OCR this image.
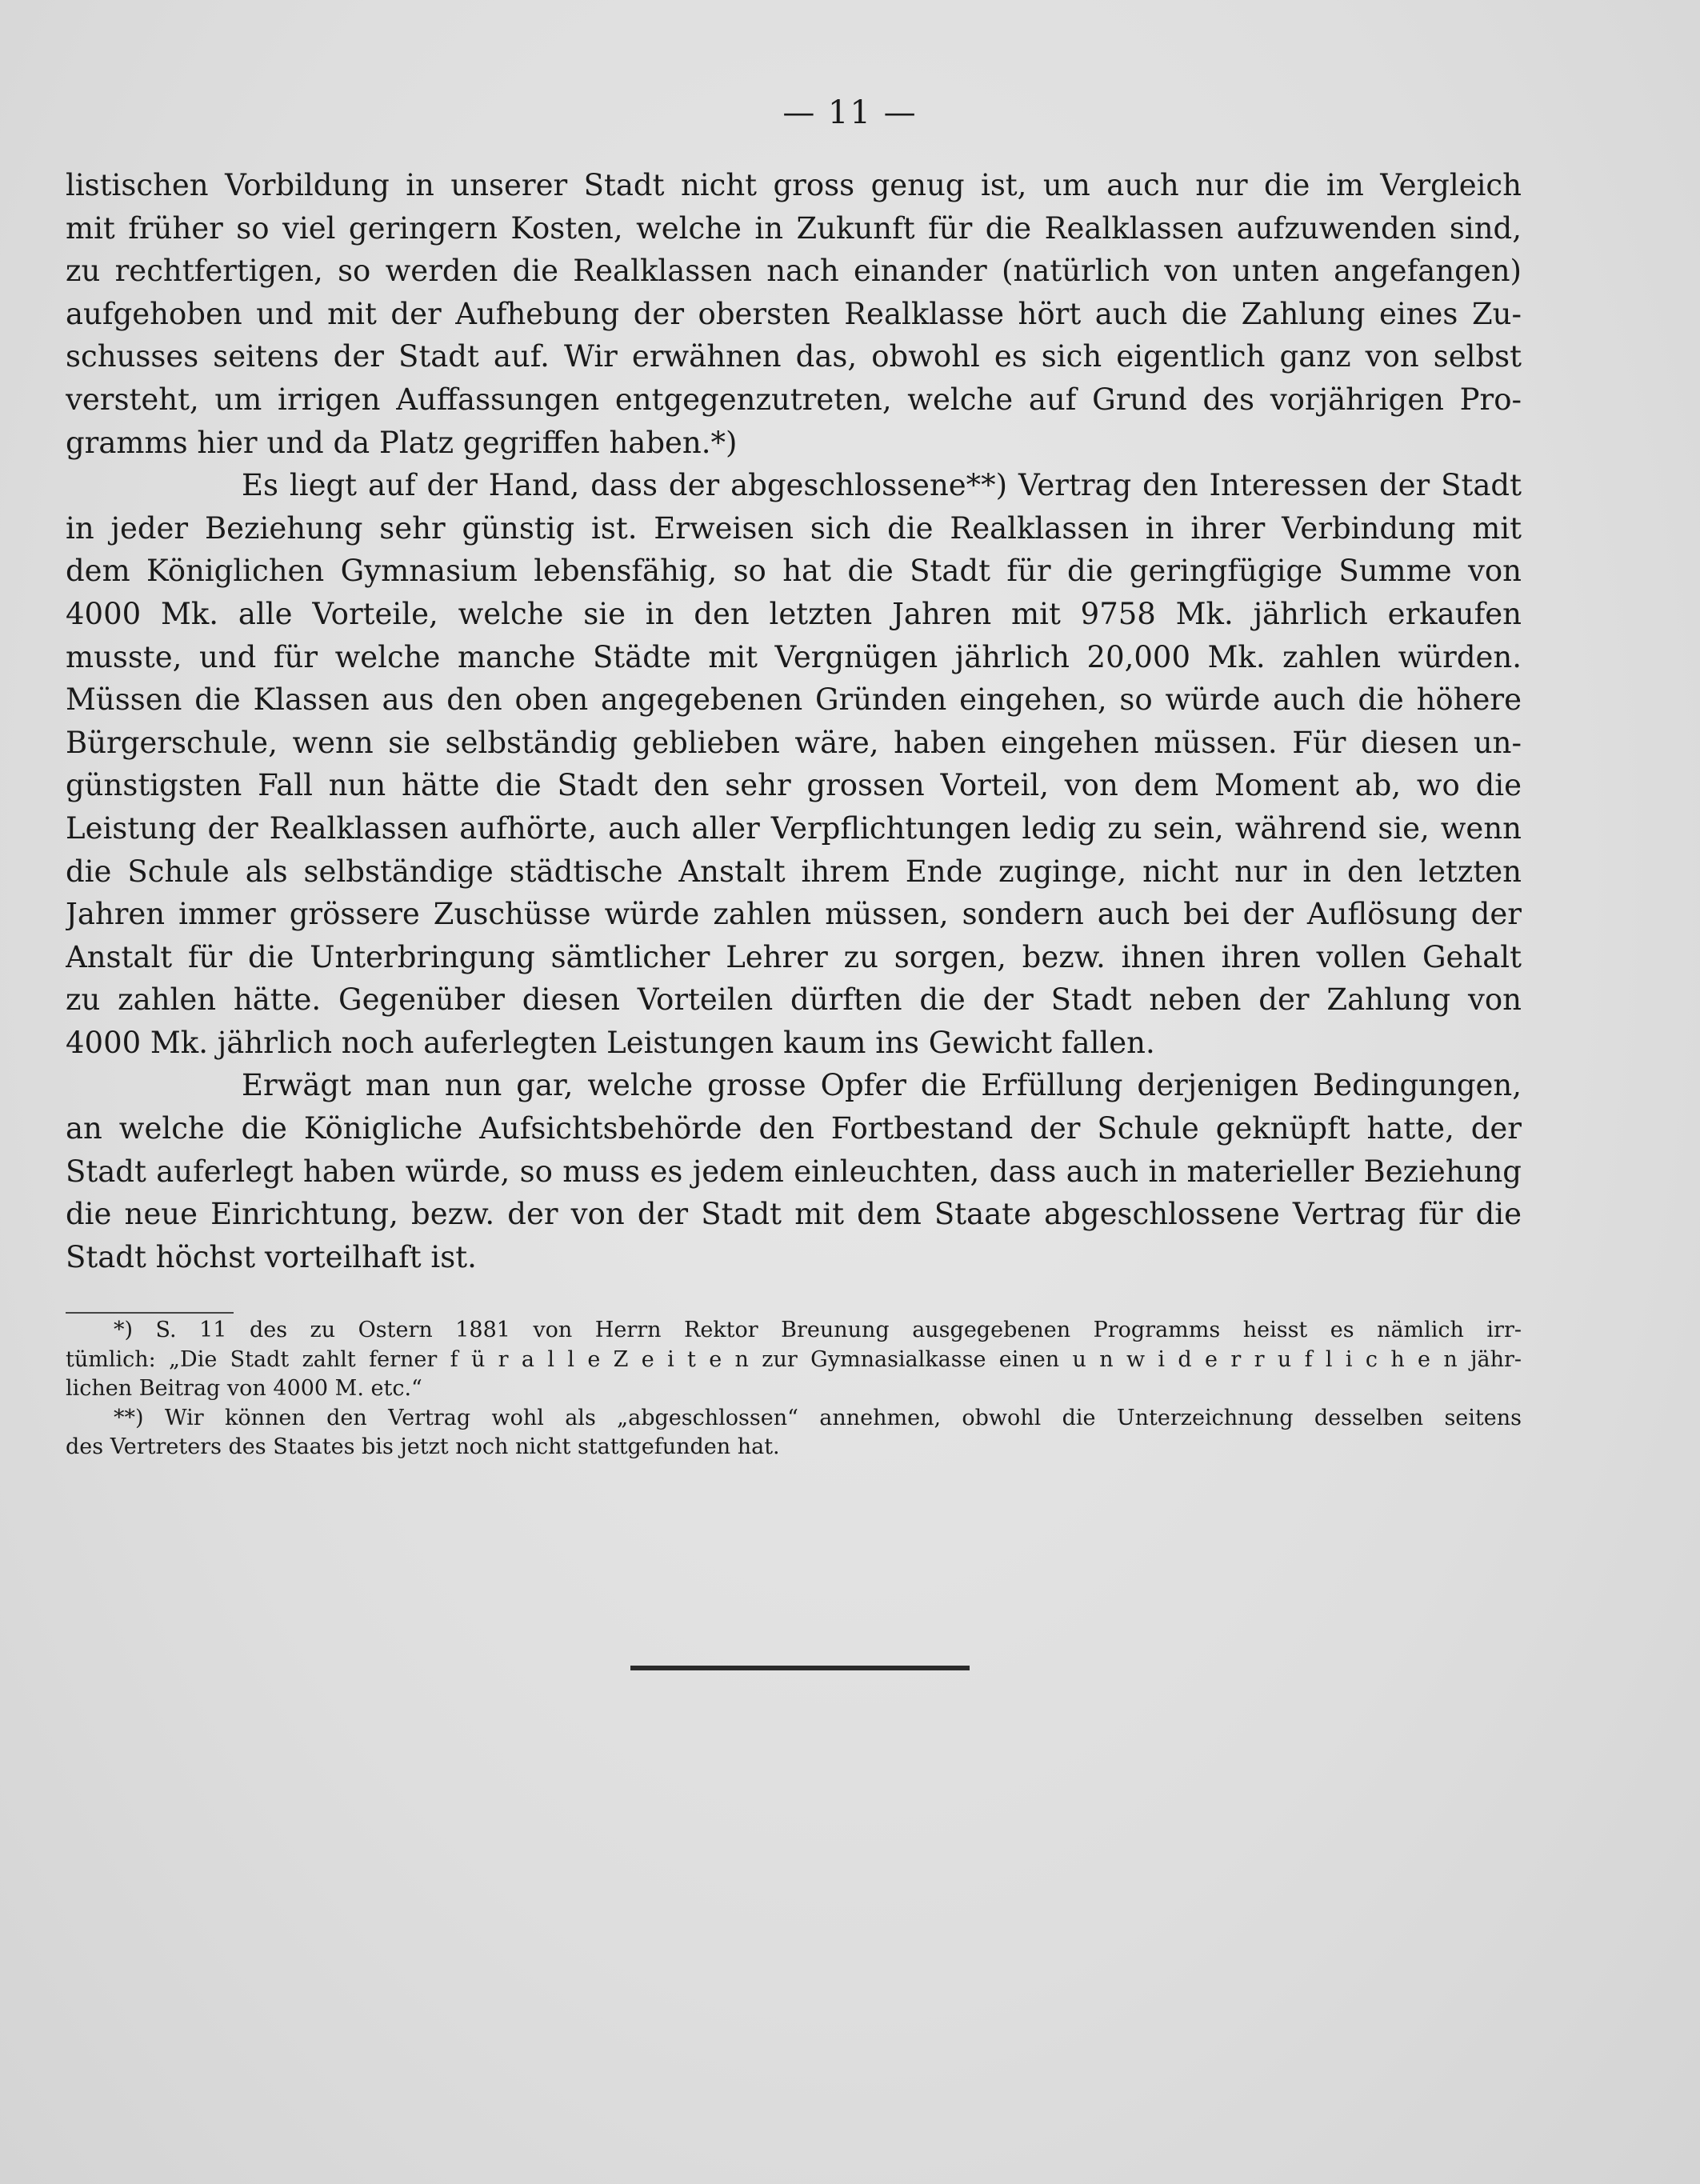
— 11 —
listischen Vorbildung in unserer Stadt nicht gross genug ist, um auch nur die im Vergleich
mit früher so viel geringern Kosten, welche in Zukunft für die Realklassen aufzuwenden sind,
zu rechtfertigen, so werden die Realklassen nach einander (natürlich von unten angefangen)
aufgehoben und mit der Aufhebung der obersten Realklasse hört auch die Zahlung eines Zu-
schusses seitens der Stadt auf. Wir erwähnen das, obwohl es sich eigentlich ganz von selbst
versteht, um irrigen Auffassungen entgegenzutreten, welche auf Grund des vorjährigen Pro-
gramms hier und da Platz gegriffen haben.*)
Es liegt auf der Hand, dass der abgeschlossene**) Vertrag den Interessen der Stadt
in jeder Beziehung sehr günstig ist. Erweisen sich die Realklassen in ihrer Verbindung mit
dem Königlichen Gymnasium lebensfähig, so hat die Stadt für die geringfügige Summe von
4000 Mk. alle Vorteile, welche sie in den letzten Jahren mit 9758 Mk. jährlich erkaufen
musste, und für welche manche Städte mit Vergnügen jährlich 20,000 Mk. zahlen würden.
Müssen die Klassen aus den oben angegebenen Gründen eingehen, so würde auch die höhere
Bürgerschule, wenn sie selbständig geblieben wäre, haben eingehen müssen. Für diesen un-
günstigsten Fall nun hätte die Stadt den sehr grossen Vorteil, von dem Moment ab, wo die
Leistung der Realklassen aufhörte, auch aller Verpflichtungen ledig zu sein, während sie, wenn
die Schule als selbständige städtische Anstalt ihrem Ende zuginge, nicht nur in den letzten
Jahren immer grössere Zuschüsse würde zahlen müssen, sondern auch bei der Auflösung der
Anstalt für die Unterbringung sämtlicher Lehrer zu sorgen, bezw. ihnen ihren vollen Gehalt
zu zahlen hätte. Gegenüber diesen Vorteilen dürften die der Stadt neben der Zahlung von
4000 Mk. jährlich noch auferlegten Leistungen kaum ins Gewicht fallen.
Erwägt man nun gar, welche grosse Opfer die Erfüllung derjenigen Bedingungen,
an welche die Königliche Aufsichtsbehörde den Fortbestand der Schule geknüpft hatte, der
Stadt auferlegt haben würde, so muss es jedem einleuchten, dass auch in materieller Beziehung
die neue Einrichtung, bezw. der von der Stadt mit dem Staate abgeschlossene Vertrag für die
Stadt höchst vorteilhaft ist.
*) S. 11 des zu Ostern 1881 von Herrn Rektor Breunung ausgegebenen Programms heisst es nämlich irr-
tümlich: „Die Stadt zahlt ferner f ü r a l l e Z e i t e n zur Gymnasialkasse einen u n w i d e r r u f l i c h e n jähr-
lichen Beitrag von 4000 M. etc.“
**) Wir können den Vertrag wohl als „abgeschlossen“ annehmen, obwohl die Unterzeichnung desselben seitens
des Vertreters des Staates bis jetzt noch nicht stattgefunden hat.
